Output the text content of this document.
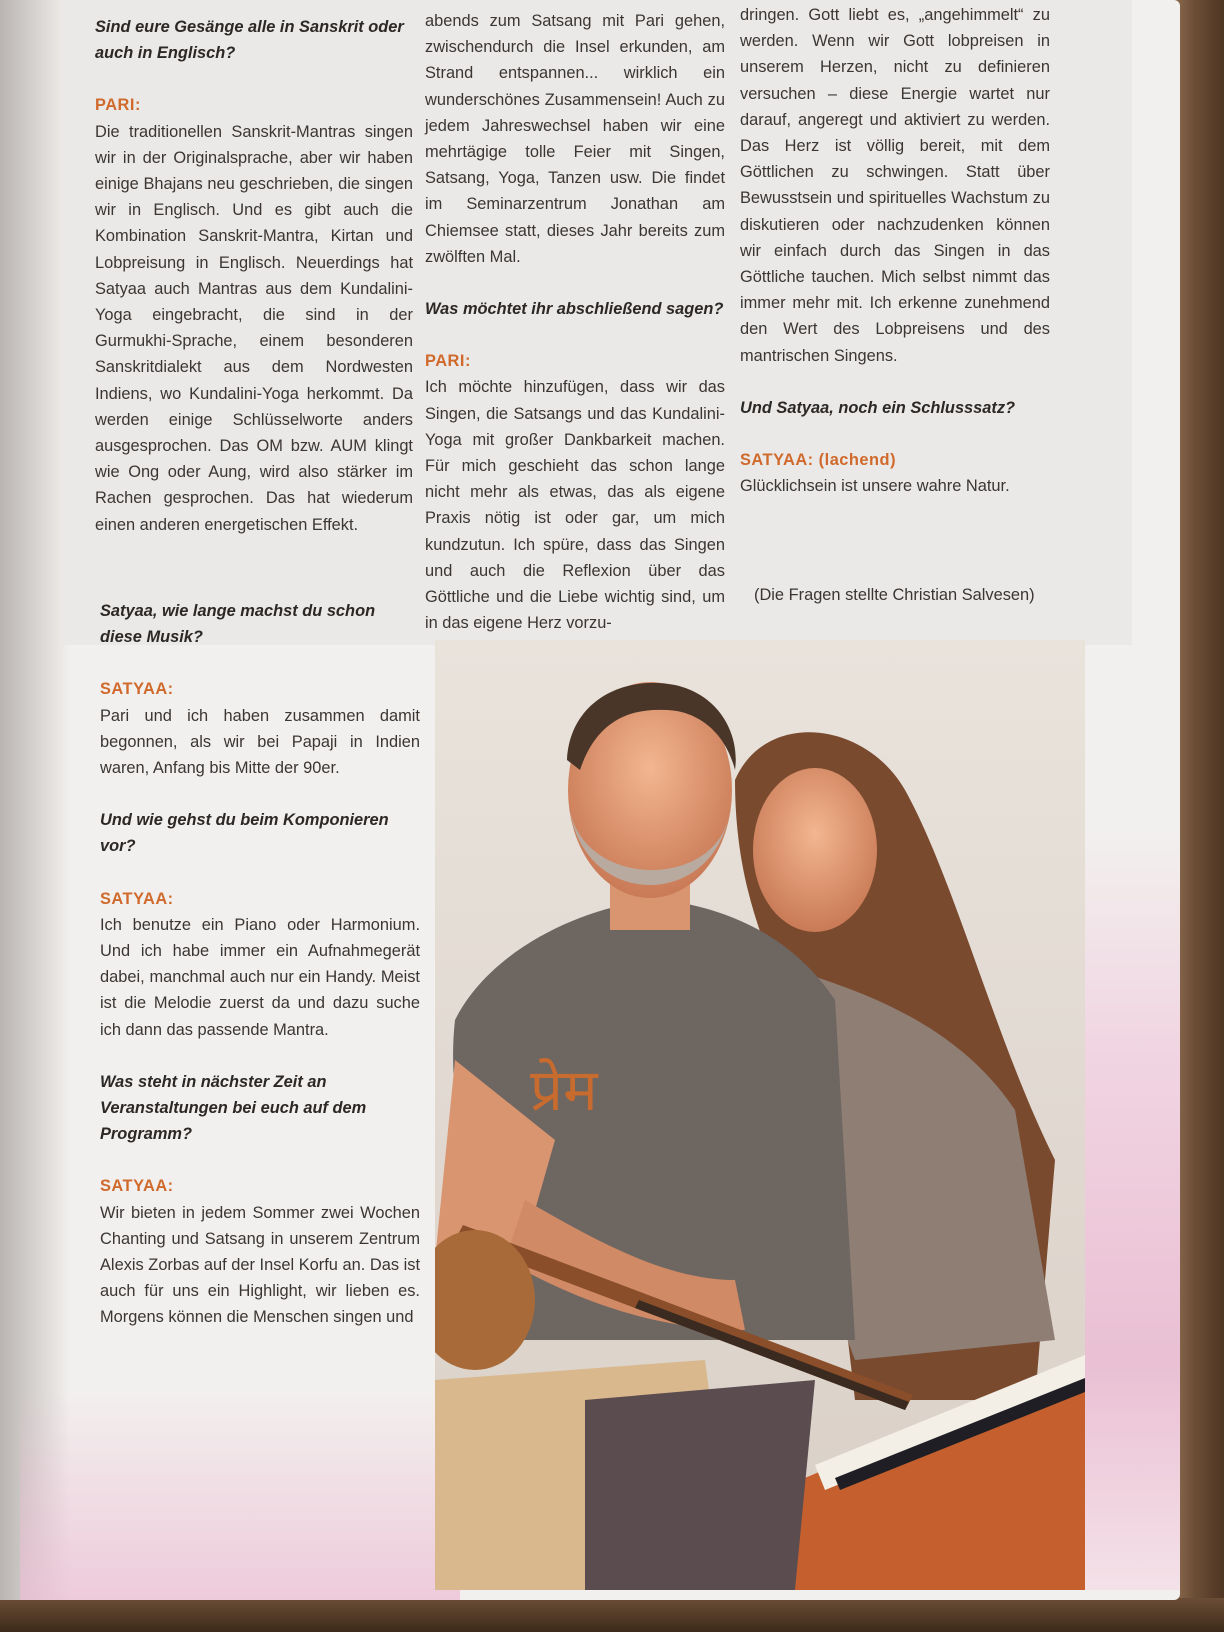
Sind eure Gesänge alle in Sanskrit oder auch in Englisch?

PARI:

Die traditionellen Sanskrit-Mantras singen wir in der Originalsprache, aber wir haben einige Bhajans neu geschrieben, die singen wir in Englisch. Und es gibt auch die Kombination Sanskrit-Mantra, Kirtan und Lobpreisung in Englisch. Neuerdings hat Satyaa auch Mantras aus dem Kundalini-Yoga eingebracht, die sind in der Gurmukhi-Sprache, einem besonderen Sanskritdialekt aus dem Nordwesten Indiens, wo Kundalini-Yoga herkommt. Da werden einige Schlüsselworte anders ausgesprochen. Das OM bzw. AUM klingt wie Ong oder Aung, wird also stärker im Rachen gesprochen. Das hat wiederum einen anderen energetischen Effekt.

abends zum Satsang mit Pari gehen, zwischendurch die Insel erkunden, am Strand entspannen... wirklich ein wunderschönes Zusammensein! Auch zu jedem Jahreswechsel haben wir eine mehrtägige tolle Feier mit Singen, Satsang, Yoga, Tanzen usw. Die findet im Seminarzentrum Jonathan am Chiemsee statt, dieses Jahr bereits zum zwölften Mal.

Was möchtet ihr abschließend sagen?

PARI:

Ich möchte hinzufügen, dass wir das Singen, die Satsangs und das Kundalini-Yoga mit großer Dankbarkeit machen. Für mich geschieht das schon lange nicht mehr als etwas, das als eigene Praxis nötig ist oder gar, um mich kundzutun. Ich spüre, dass das Singen und auch die Reflexion über das Göttliche und die Liebe wichtig sind, um in das eigene Herz vorzu-

dringen. Gott liebt es, „angehimmelt“ zu werden. Wenn wir Gott lobpreisen in unserem Herzen, nicht zu definieren versuchen – diese Energie wartet nur darauf, angeregt und aktiviert zu werden. Das Herz ist völlig bereit, mit dem Göttlichen zu schwingen. Statt über Bewusstsein und spirituelles Wachstum zu diskutieren oder nachzudenken können wir einfach durch das Singen in das Göttliche tauchen. Mich selbst nimmt das immer mehr mit. Ich erkenne zunehmend den Wert des Lobpreisens und des mantrischen Singens.

Und Satyaa, noch ein Schlusssatz?

SATYAA: (lachend)

Glücklichsein ist unsere wahre Natur.

(Die Fragen stellte Christian Salvesen)

Satyaa, wie lange machst du schon diese Musik?

SATYAA:

Pari und ich haben zusammen damit begonnen, als wir bei Papaji in Indien waren, Anfang bis Mitte der 90er.

Und wie gehst du beim Komponieren vor?

SATYAA:

Ich benutze ein Piano oder Harmonium. Und ich habe immer ein Aufnahmegerät dabei, manchmal auch nur ein Handy. Meist ist die Melodie zuerst da und dazu suche ich dann das passende Mantra.

Was steht in nächster Zeit an Veranstaltungen bei euch auf dem Programm?

SATYAA:

Wir bieten in jedem Sommer zwei Wochen Chanting und Satsang in unserem Zentrum Alexis Zorbas auf der Insel Korfu an. Das ist auch für uns ein Highlight, wir lieben es. Morgens können die Menschen singen und

प्रेम
